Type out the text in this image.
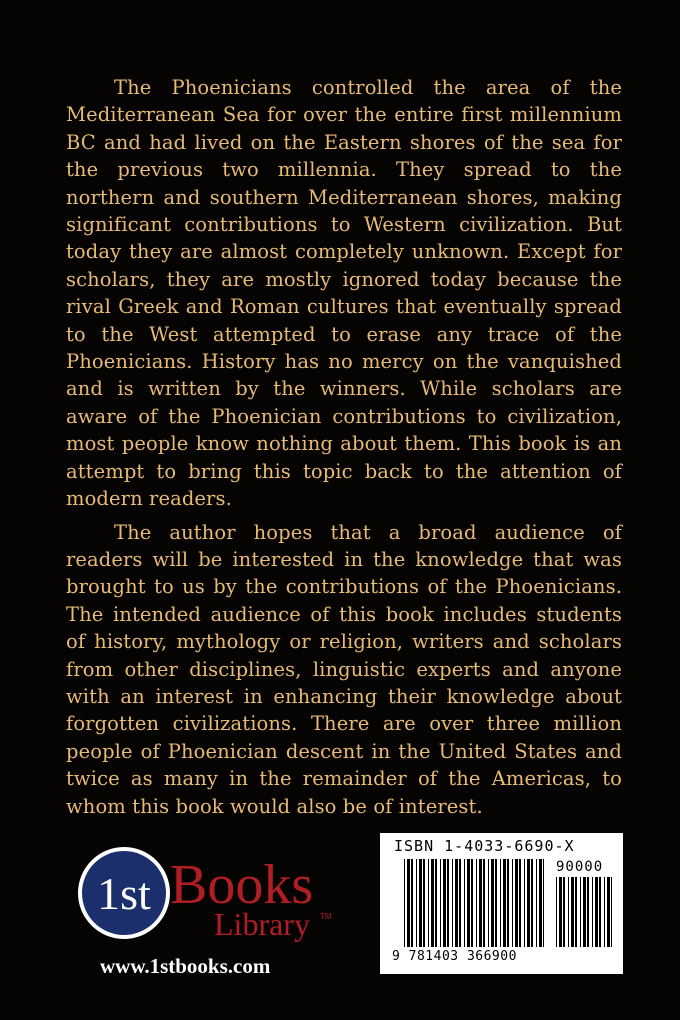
The Phoenicians controlled the area of the Mediterranean Sea for over the entire first millennium BC and had lived on the Eastern shores of the sea for the previous two millennia. They spread to the northern and southern Mediterranean shores, making significant contributions to Western civilization. But today they are almost completely unknown. Except for scholars, they are mostly ignored today because the rival Greek and Roman cultures that eventually spread to the West attempted to erase any trace of the Phoenicians. History has no mercy on the vanquished and is written by the winners. While scholars are aware of the Phoenician contributions to civilization, most people know nothing about them. This book is an attempt to bring this topic back to the attention of modern readers.

The author hopes that a broad audience of readers will be interested in the knowledge that was brought to us by the contributions of the Phoenicians. The intended audience of this book includes students of history, mythology or religion, writers and scholars from other disciplines, linguistic experts and anyone with an interest in enhancing their knowledge about forgotten civilizations. There are over three million people of Phoenician descent in the United States and twice as many in the remainder of the Americas, to whom this book would also be of interest.

1st Books
Library TM
www.1stbooks.com
ISBN 1-4033-6690-X
90000
9 781403 366900
